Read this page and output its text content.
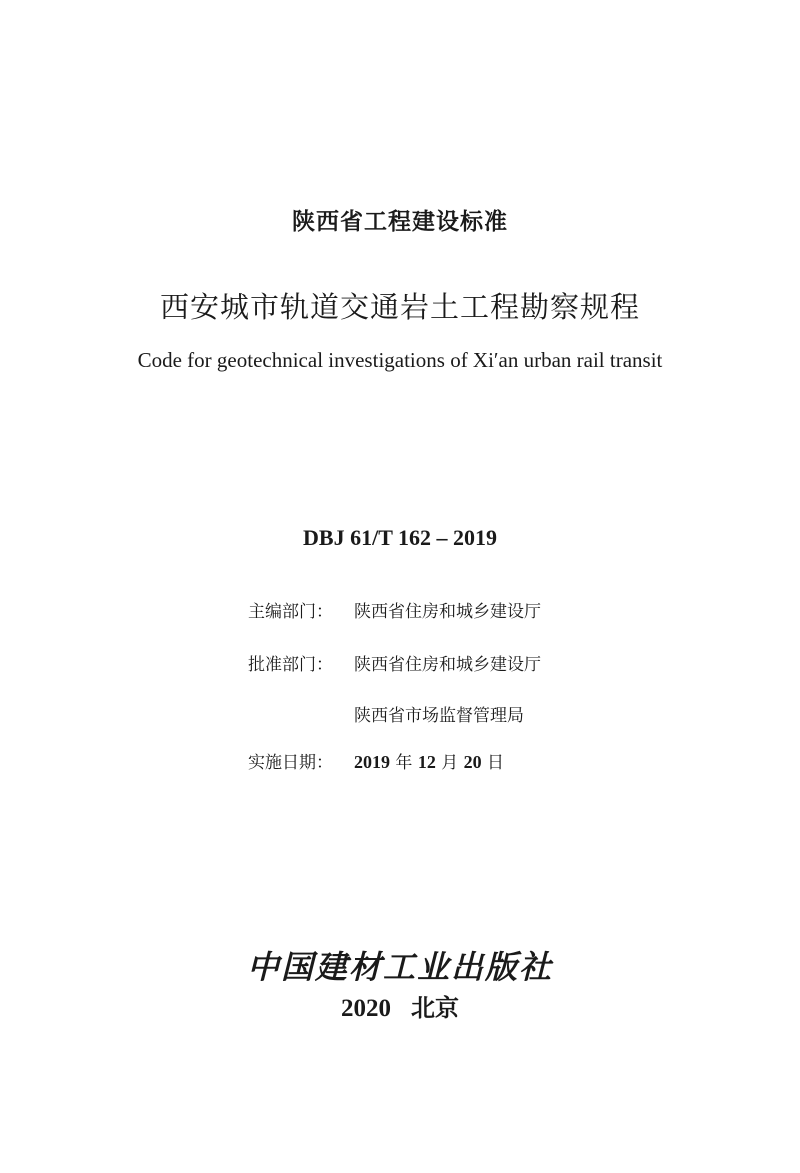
陕西省工程建设标准
西安城市轨道交通岩土工程勘察规程
Code for geotechnical investigations of Xi′an urban rail transit
DBJ 61/T 162 – 2019
主编部门： 陕西省住房和城乡建设厅
批准部门： 陕西省住房和城乡建设厅
陕西省市场监督管理局
实施日期： 2019 年 12 月 20 日
中国建材工业出版社
2020 北京
